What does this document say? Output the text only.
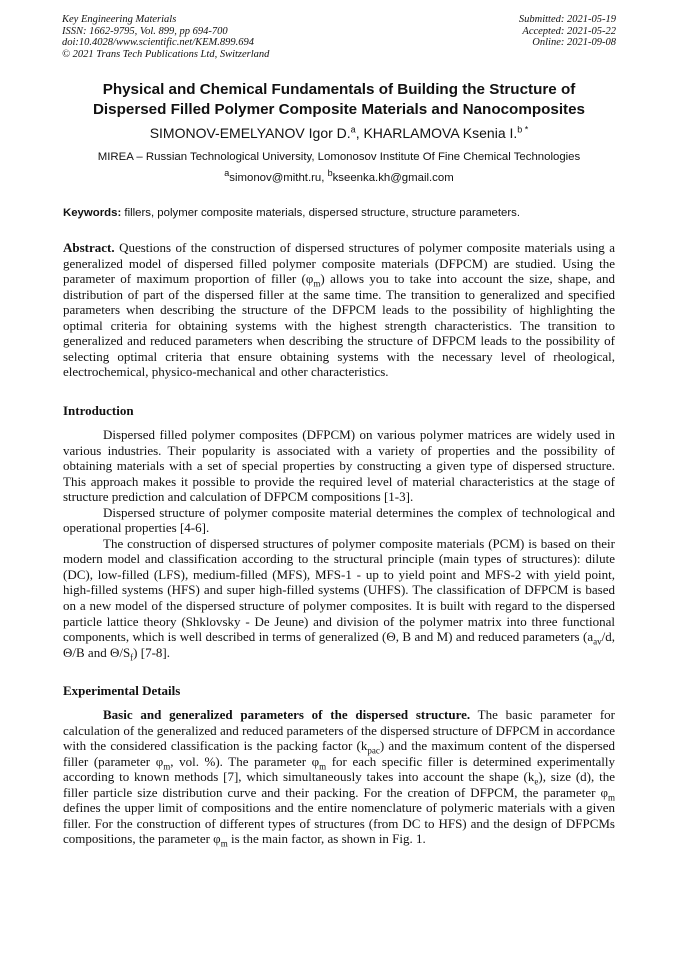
Key Engineering Materials
ISSN: 1662-9795, Vol. 899, pp 694-700
doi:10.4028/www.scientific.net/KEM.899.694
© 2021 Trans Tech Publications Ltd, Switzerland
Submitted: 2021-05-19
Accepted: 2021-05-22
Online: 2021-09-08
Physical and Chemical Fundamentals of Building the Structure of
Dispersed Filled Polymer Composite Materials and Nanocomposites
SIMONOV-EMELYANOV Igor D.$^a$, KHARLAMOVA Ksenia I.$^{b *}$
MIREA – Russian Technological University, Lomonosov Institute Of Fine Chemical Technologies
$^a$simonov@mitht.ru, $^b$kseenka.kh@gmail.com
Keywords: fillers, polymer composite materials, dispersed structure, structure parameters.
Abstract. Questions of the construction of dispersed structures of polymer composite materials using a generalized model of dispersed filled polymer composite materials (DFPCM) are studied. Using the parameter of maximum proportion of filler $(\varphi_m)$ allows you to take into account the size, shape, and distribution of part of the dispersed filler at the same time. The transition to generalized and specified parameters when describing the structure of the DFPCM leads to the possibility of highlighting the optimal criteria for obtaining systems with the highest strength characteristics. The transition to generalized and reduced parameters when describing the structure of DFPCM leads to the possibility of selecting optimal criteria that ensure obtaining systems with the necessary level of rheological, electrochemical, physico-mechanical and other characteristics.
Introduction

Dispersed filled polymer composites (DFPCM) on various polymer matrices are widely used in various industries. Their popularity is associated with a variety of properties and the possibility of obtaining materials with a set of special properties by constructing a given type of dispersed structure. This approach makes it possible to provide the required level of material characteristics at the stage of structure prediction and calculation of DFPCM compositions [1-3].

Dispersed structure of polymer composite material determines the complex of technological and operational properties [4-6].

The construction of dispersed structures of polymer composite materials (PCM) is based on their modern model and classification according to the structural principle (main types of structures): dilute (DC), low-filled (LFS), medium-filled (MFS), MFS-1 - up to yield point and MFS-2 with yield point, high-filled systems (HFS) and super high-filled systems (UHFS). The classification of DFPCM is based on a new model of the dispersed structure of polymer composites. It is built with regard to the dispersed particle lattice theory (Shklovsky - De Jeune) and division of the polymer matrix into three functional components, which is well described in terms of generalized (Θ, B and M) and reduced parameters ($a_{av}/d$, Θ/B and $\Theta/S_f$) [7-8].

Experimental Details

Basic and generalized parameters of the dispersed structure. The basic parameter for calculation of the generalized and reduced parameters of the dispersed structure of DFPCM in accordance with the considered classification is the packing factor $(k_{pac})$ and the maximum content of the dispersed filler (parameter $\varphi_m$, vol. %). The parameter $\varphi_m$ for each specific filler is determined experimentally according to known methods [7], which simultaneously takes into account the shape $(k_e)$, size (d), the filler particle size distribution curve and their packing. For the creation of DFPCM, the parameter $\varphi_m$ defines the upper limit of compositions and the entire nomenclature of polymeric materials with a given filler. For the construction of different types of structures (from DC to HFS) and the design of DFPCMs compositions, the parameter $\varphi_m$ is the main factor, as shown in Fig. 1.
